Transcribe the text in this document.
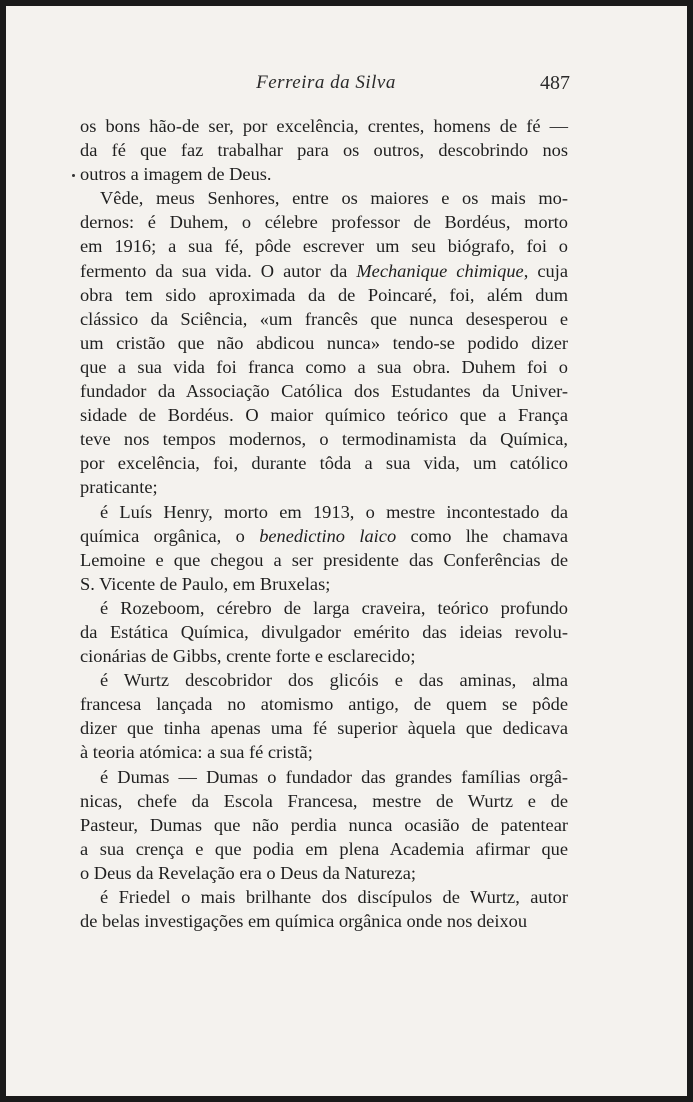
Ferreira da Silva	487
os bons hão-de ser, por excelência, crentes, homens de fé —
da fé que faz trabalhar para os outros, descobrindo nos
outros a imagem de Deus.
Vêde, meus Senhores, entre os maiores e os mais mo-
dernos: é Duhem, o célebre professor de Bordéus, morto
em 1916; a sua fé, pôde escrever um seu biógrafo, foi o
fermento da sua vida. O autor da Mechanique chimique, cuja
obra tem sido aproximada da de Poincaré, foi, além dum
clássico da Sciência, «um francês que nunca desesperou e
um cristão que não abdicou nunca» tendo-se podido dizer
que a sua vida foi franca como a sua obra. Duhem foi o
fundador da Associação Católica dos Estudantes da Univer-
sidade de Bordéus. O maior químico teórico que a França
teve nos tempos modernos, o termodinamista da Química,
por excelência, foi, durante tôda a sua vida, um católico
praticante;
é Luís Henry, morto em 1913, o mestre incontestado da
química orgânica, o benedictino laico como lhe chamava
Lemoine e que chegou a ser presidente das Conferências de
S. Vicente de Paulo, em Bruxelas;
é Rozeboom, cérebro de larga craveira, teórico profundo
da Estática Química, divulgador emérito das ideias revolu-
cionárias de Gibbs, crente forte e esclarecido;
é Wurtz descobridor dos glicóis e das aminas, alma
francesa lançada no atomismo antigo, de quem se pôde
dizer que tinha apenas uma fé superior àquela que dedicava
à teoria atómica: a sua fé cristã;
é Dumas — Dumas o fundador das grandes famílias orgâ-
nicas, chefe da Escola Francesa, mestre de Wurtz e de
Pasteur, Dumas que não perdia nunca ocasião de patentear
a sua crença e que podia em plena Academia afirmar que
o Deus da Revelação era o Deus da Natureza;
é Friedel o mais brilhante dos discípulos de Wurtz, autor
de belas investigações em química orgânica onde nos deixou
